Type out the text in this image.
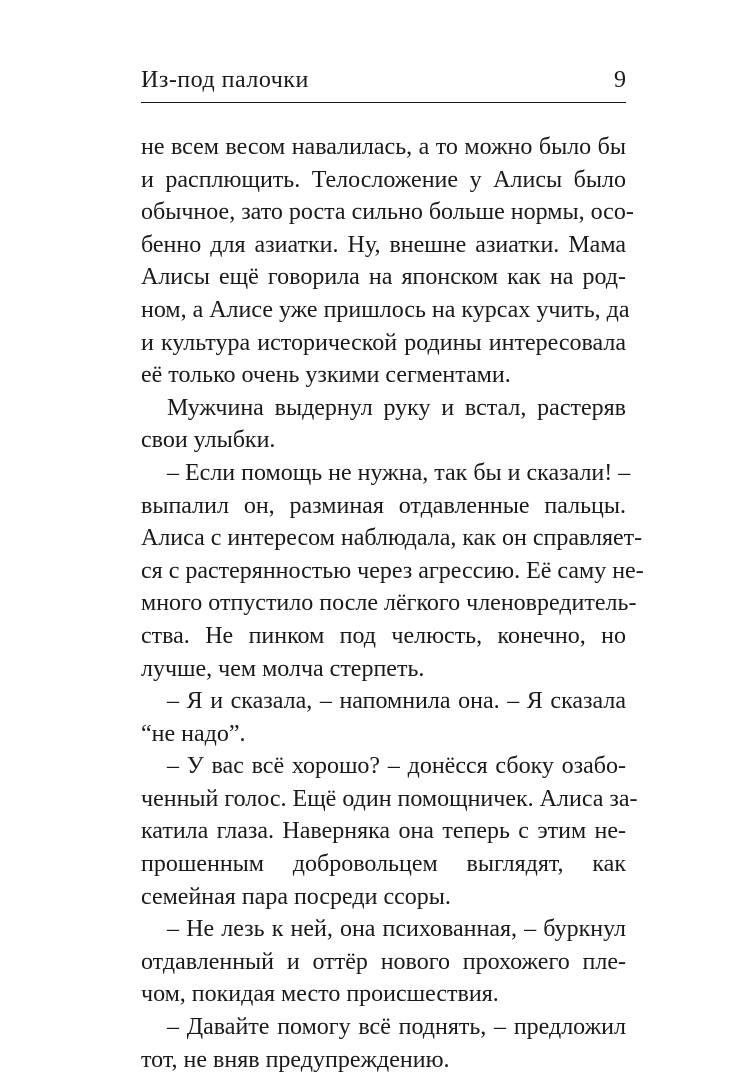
Из-под палочки	9
не всем весом навалилась, а то можно было бы
и расплющить. Телосложение у Алисы было
обычное, зато роста сильно больше нормы, осо-
бенно для азиатки. Ну, внешне азиатки. Мама
Алисы ещё говорила на японском как на род-
ном, а Алисе уже пришлось на курсах учить, да
и культура исторической родины интересовала
её только очень узкими сегментами.
Мужчина выдернул руку и встал, растеряв
свои улыбки.
– Если помощь не нужна, так бы и сказали! –
выпалил он, разминая отдавленные пальцы.
Алиса с интересом наблюдала, как он справляет-
ся с растерянностью через агрессию. Её саму не-
много отпустило после лёгкого членовредитель-
ства. Не пинком под челюсть, конечно, но
лучше, чем молча стерпеть.
– Я и сказала, – напомнила она. – Я сказала
“не надо”.
– У вас всё хорошо? – донёсся сбоку озабо-
ченный голос. Ещё один помощничек. Алиса за-
катила глаза. Наверняка она теперь с этим не-
прошенным добровольцем выглядят, как
семейная пара посреди ссоры.
– Не лезь к ней, она психованная, – буркнул
отдавленный и оттёр нового прохожего пле-
чом, покидая место происшествия.
– Давайте помогу всё поднять, – предложил
тот, не вняв предупреждению.
